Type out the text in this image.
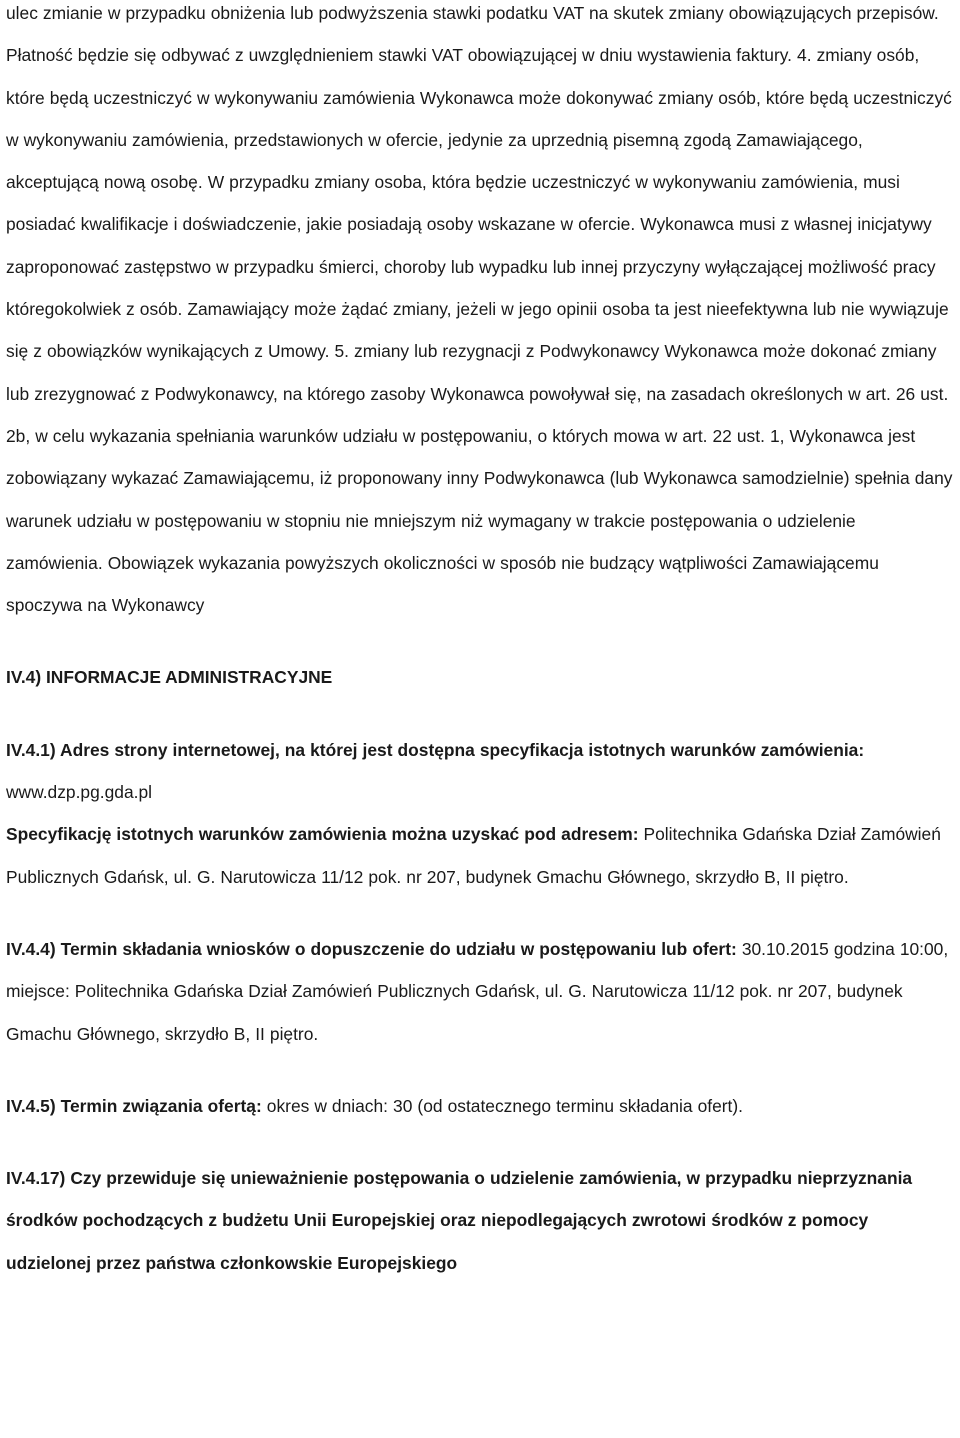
ulec zmianie w przypadku obniżenia lub podwyższenia stawki podatku VAT na skutek zmiany obowiązujących przepisów. Płatność będzie się odbywać z uwzględnieniem stawki VAT obowiązującej w dniu wystawienia faktury. 4. zmiany osób, które będą uczestniczyć w wykonywaniu zamówienia Wykonawca może dokonywać zmiany osób, które będą uczestniczyć w wykonywaniu zamówienia, przedstawionych w ofercie, jedynie za uprzednią pisemną zgodą Zamawiającego, akceptującą nową osobę. W przypadku zmiany osoba, która będzie uczestniczyć w wykonywaniu zamówienia, musi posiadać kwalifikacje i doświadczenie, jakie posiadają osoby wskazane w ofercie. Wykonawca musi z własnej inicjatywy zaproponować zastępstwo w przypadku śmierci, choroby lub wypadku lub innej przyczyny wyłączającej możliwość pracy któregokolwiek z osób. Zamawiający może żądać zmiany, jeżeli w jego opinii osoba ta jest nieefektywna lub nie wywiązuje się z obowiązków wynikających z Umowy. 5. zmiany lub rezygnacji z Podwykonawcy Wykonawca może dokonać zmiany lub zrezygnować z Podwykonawcy, na którego zasoby Wykonawca powoływał się, na zasadach określonych w art. 26 ust. 2b, w celu wykazania spełniania warunków udziału w postępowaniu, o których mowa w art. 22 ust. 1, Wykonawca jest zobowiązany wykazać Zamawiającemu, iż proponowany inny Podwykonawca (lub Wykonawca samodzielnie) spełnia dany warunek udziału w postępowaniu w stopniu nie mniejszym niż wymagany w trakcie postępowania o udzielenie zamówienia. Obowiązek wykazania powyższych okoliczności w sposób nie budzący wątpliwości Zamawiającemu spoczywa na Wykonawcy

IV.4) INFORMACJE ADMINISTRACYJNE

IV.4.1) Adres strony internetowej, na której jest dostępna specyfikacja istotnych warunków zamówienia: www.dzp.pg.gda.pl

Specyfikację istotnych warunków zamówienia można uzyskać pod adresem: Politechnika Gdańska Dział Zamówień Publicznych Gdańsk, ul. G. Narutowicza 11/12 pok. nr 207, budynek Gmachu Głównego, skrzydło B, II piętro.

IV.4.4) Termin składania wniosków o dopuszczenie do udziału w postępowaniu lub ofert: 30.10.2015 godzina 10:00, miejsce: Politechnika Gdańska Dział Zamówień Publicznych Gdańsk, ul. G. Narutowicza 11/12 pok. nr 207, budynek Gmachu Głównego, skrzydło B, II piętro.

IV.4.5) Termin związania ofertą: okres w dniach: 30 (od ostatecznego terminu składania ofert).

IV.4.17) Czy przewiduje się unieważnienie postępowania o udzielenie zamówienia, w przypadku nieprzyznania środków pochodzących z budżetu Unii Europejskiej oraz niepodlegających zwrotowi środków z pomocy udzielonej przez państwa członkowskie Europejskiego
